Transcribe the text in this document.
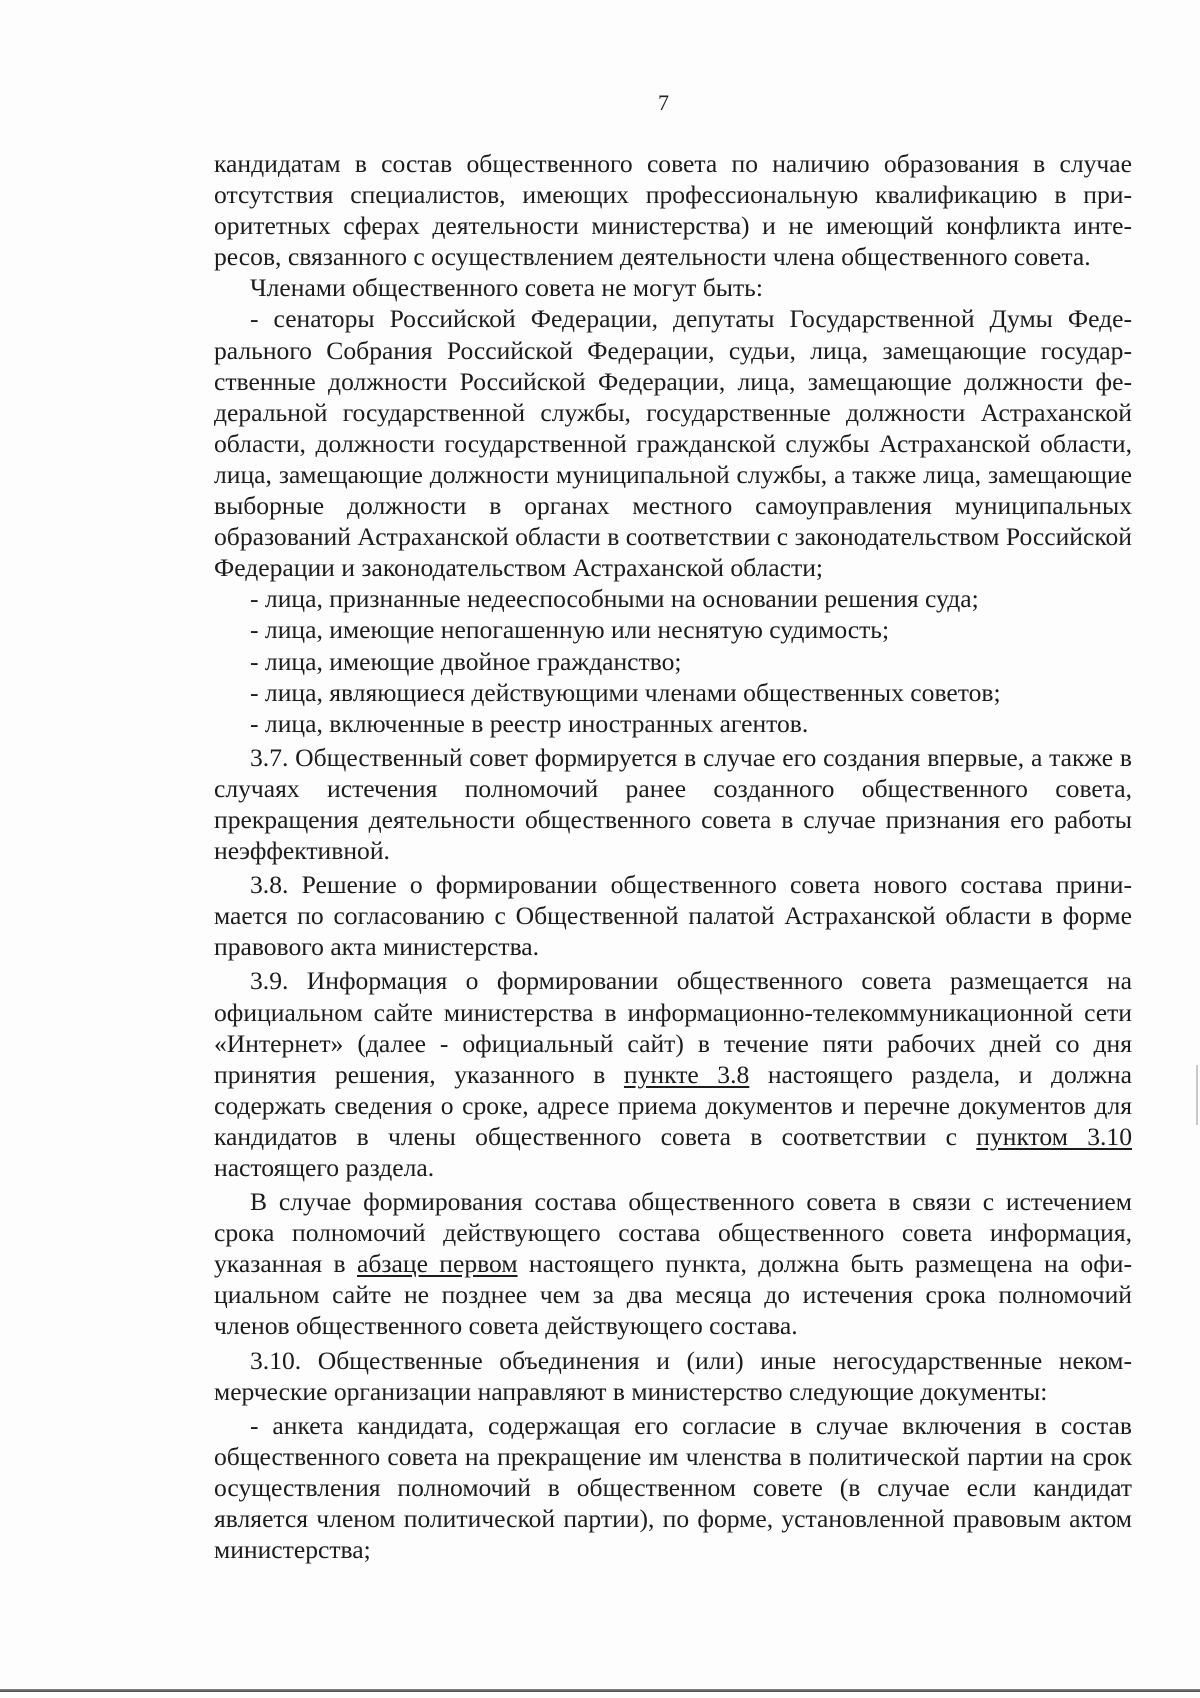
7

кандидатам в состав общественного совета по наличию образования в случае отсутствия специалистов, имеющих профессиональную квалификацию в приоритетных сферах деятельности министерства) и не имеющий конфликта интересов, связанного с осуществлением деятельности члена общественного совета.

Членами общественного совета не могут быть:

- сенаторы Российской Федерации, депутаты Государственной Думы Федерального Собрания Российской Федерации, судьи, лица, замещающие государственные должности Российской Федерации, лица, замещающие должности федеральной государственной службы, государственные должности Астраханской области, должности государственной гражданской службы Астраханской области, лица, замещающие должности муниципальной службы, а также лица, замещающие выборные должности в органах местного самоуправления муниципальных образований Астраханской области в соответствии с законодательством Российской Федерации и законодательством Астраханской области;

- лица, признанные недееспособными на основании решения суда;

- лица, имеющие непогашенную или неснятую судимость;

- лица, имеющие двойное гражданство;

- лица, являющиеся действующими членами общественных советов;

- лица, включенные в реестр иностранных агентов.

3.7. Общественный совет формируется в случае его создания впервые, а также в случаях истечения полномочий ранее созданного общественного совета, прекращения деятельности общественного совета в случае признания его работы неэффективной.

3.8. Решение о формировании общественного совета нового состава принимается по согласованию с Общественной палатой Астраханской области в форме правового акта министерства.

3.9. Информация о формировании общественного совета размещается на официальном сайте министерства в информационно-телекоммуникационной сети «Интернет» (далее - официальный сайт) в течение пяти рабочих дней со дня принятия решения, указанного в пункте 3.8 настоящего раздела, и должна содержать сведения о сроке, адресе приема документов и перечне документов для кандидатов в члены общественного совета в соответствии с пунктом 3.10 настоящего раздела.

В случае формирования состава общественного совета в связи с истечением срока полномочий действующего состава общественного совета информация, указанная в абзаце первом настоящего пункта, должна быть размещена на официальном сайте не позднее чем за два месяца до истечения срока полномочий членов общественного совета действующего состава.

3.10. Общественные объединения и (или) иные негосударственные некоммерческие организации направляют в министерство следующие документы:

- анкета кандидата, содержащая его согласие в случае включения в состав общественного совета на прекращение им членства в политической партии на срок осуществления полномочий в общественном совете (в случае если кандидат является членом политической партии), по форме, установленной правовым актом министерства;
